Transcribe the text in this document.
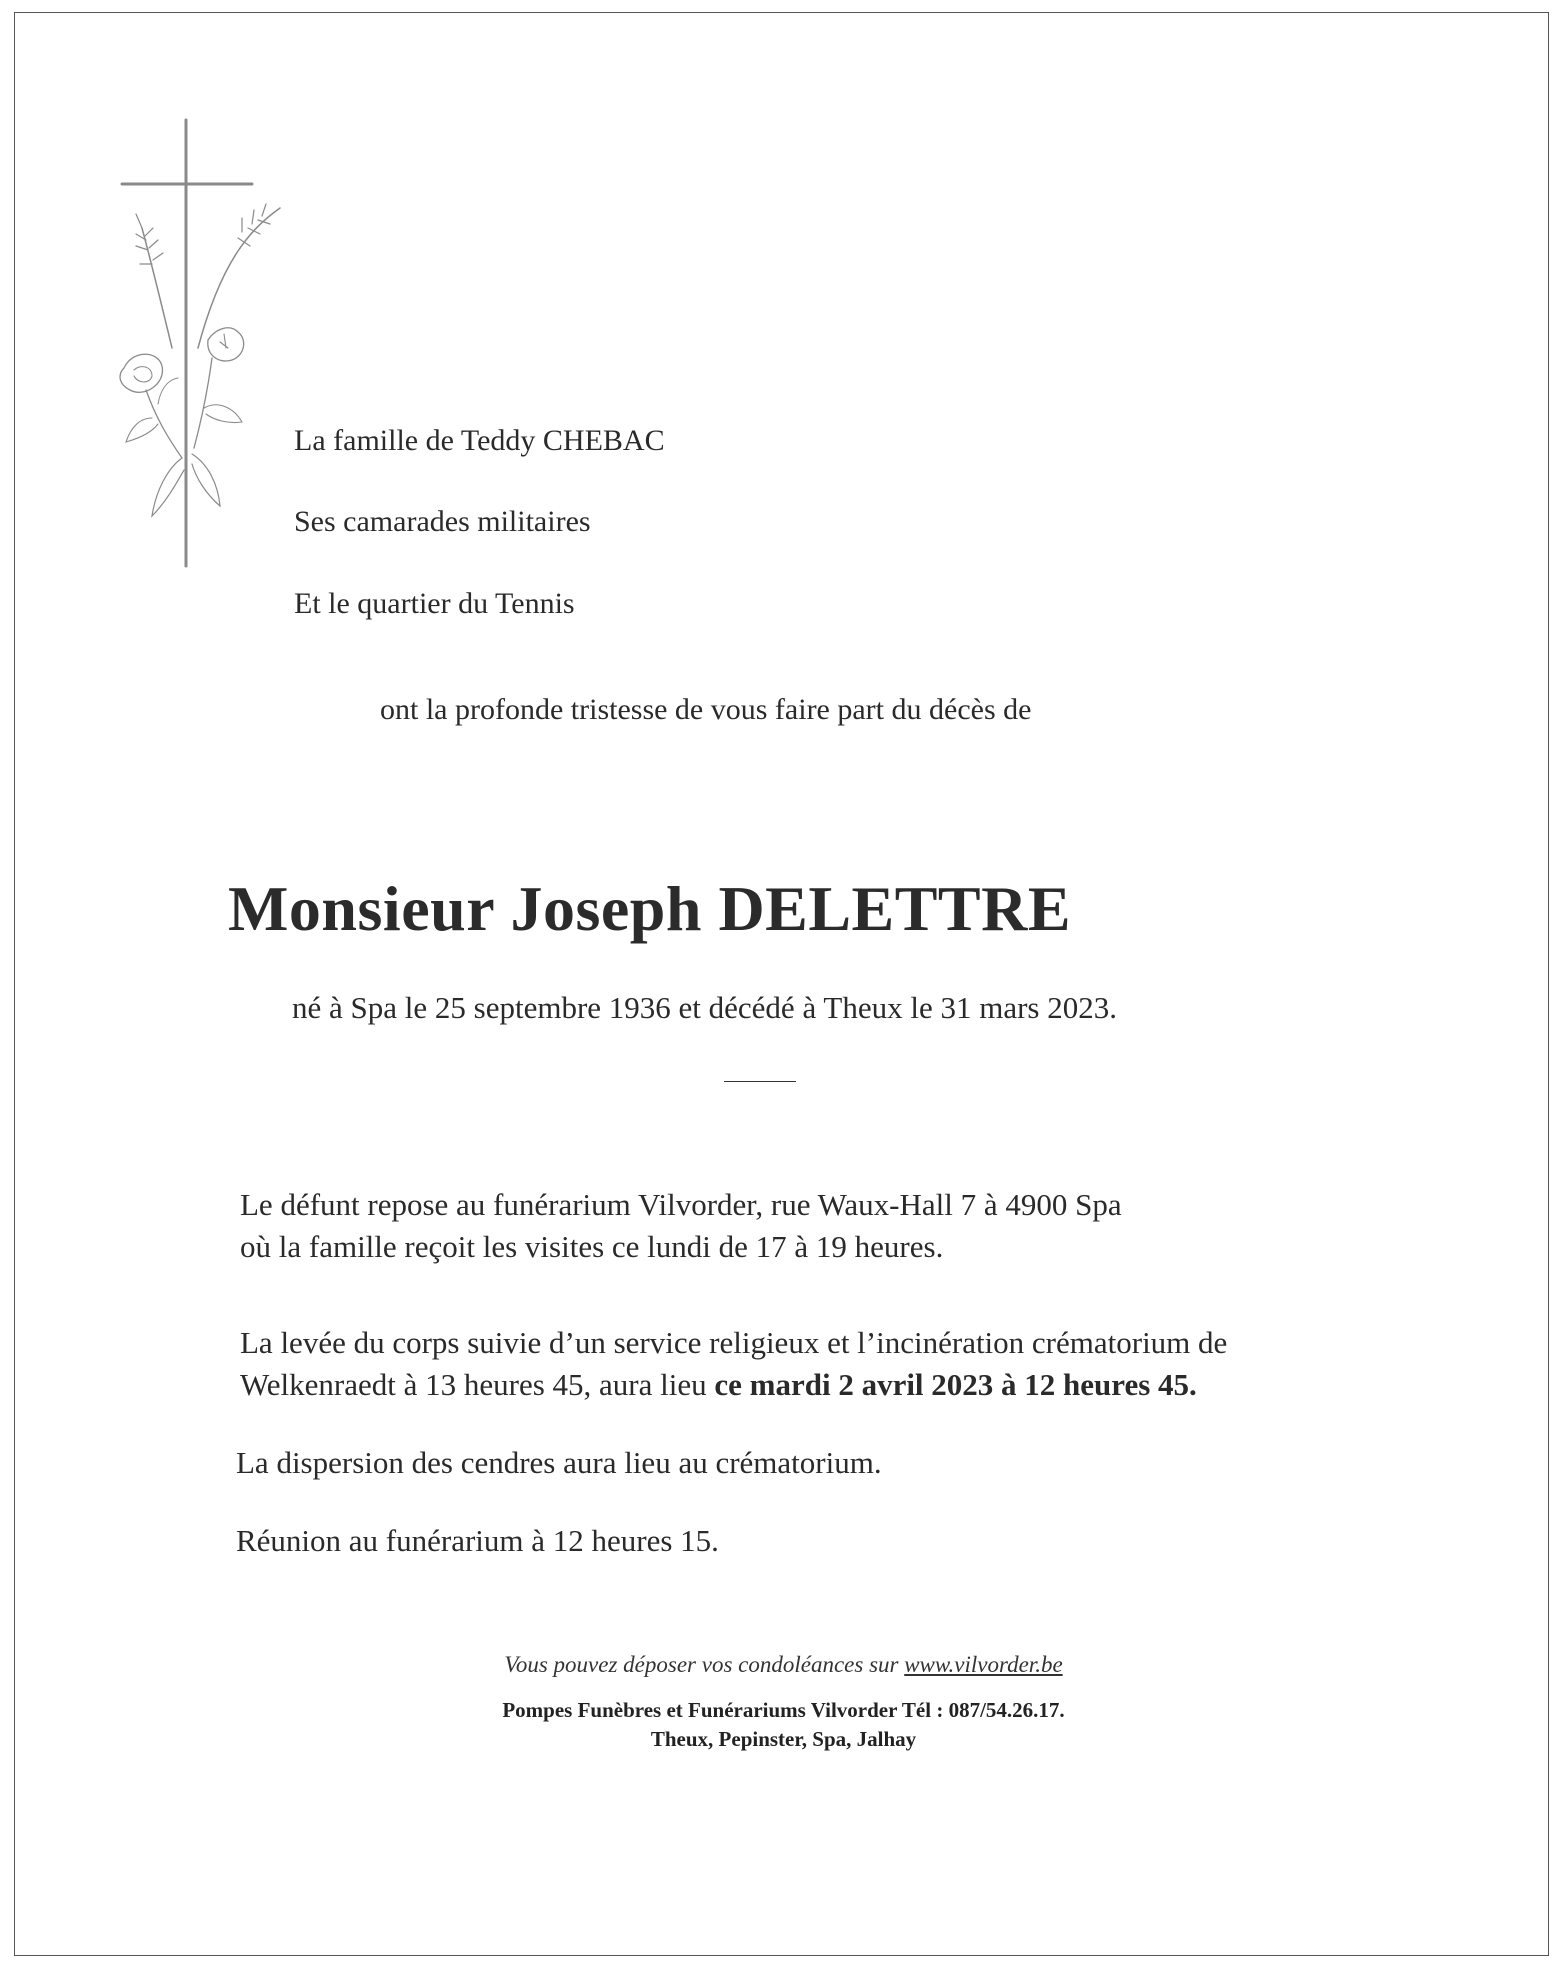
La famille de Teddy CHEBAC
Ses camarades militaires
Et le quartier du Tennis
ont la profonde tristesse de vous faire part du décès de
Monsieur Joseph DELETTRE
né à Spa le 25 septembre 1936 et décédé à Theux le 31 mars 2023.
Le défunt repose au funérarium Vilvorder, rue Waux-Hall 7 à 4900 Spa
où la famille reçoit les visites ce lundi de 17 à 19 heures.
La levée du corps suivie d’un service religieux et l’incinération crématorium de
Welkenraedt à 13 heures 45, aura lieu ce mardi 2 avril 2023 à 12 heures 45.
La dispersion des cendres aura lieu au crématorium.
Réunion au funérarium à 12 heures 15.
Vous pouvez déposer vos condoléances sur www.vilvorder.be
Pompes Funèbres et Funérariums Vilvorder Tél : 087/54.26.17.
Theux, Pepinster, Spa, Jalhay
